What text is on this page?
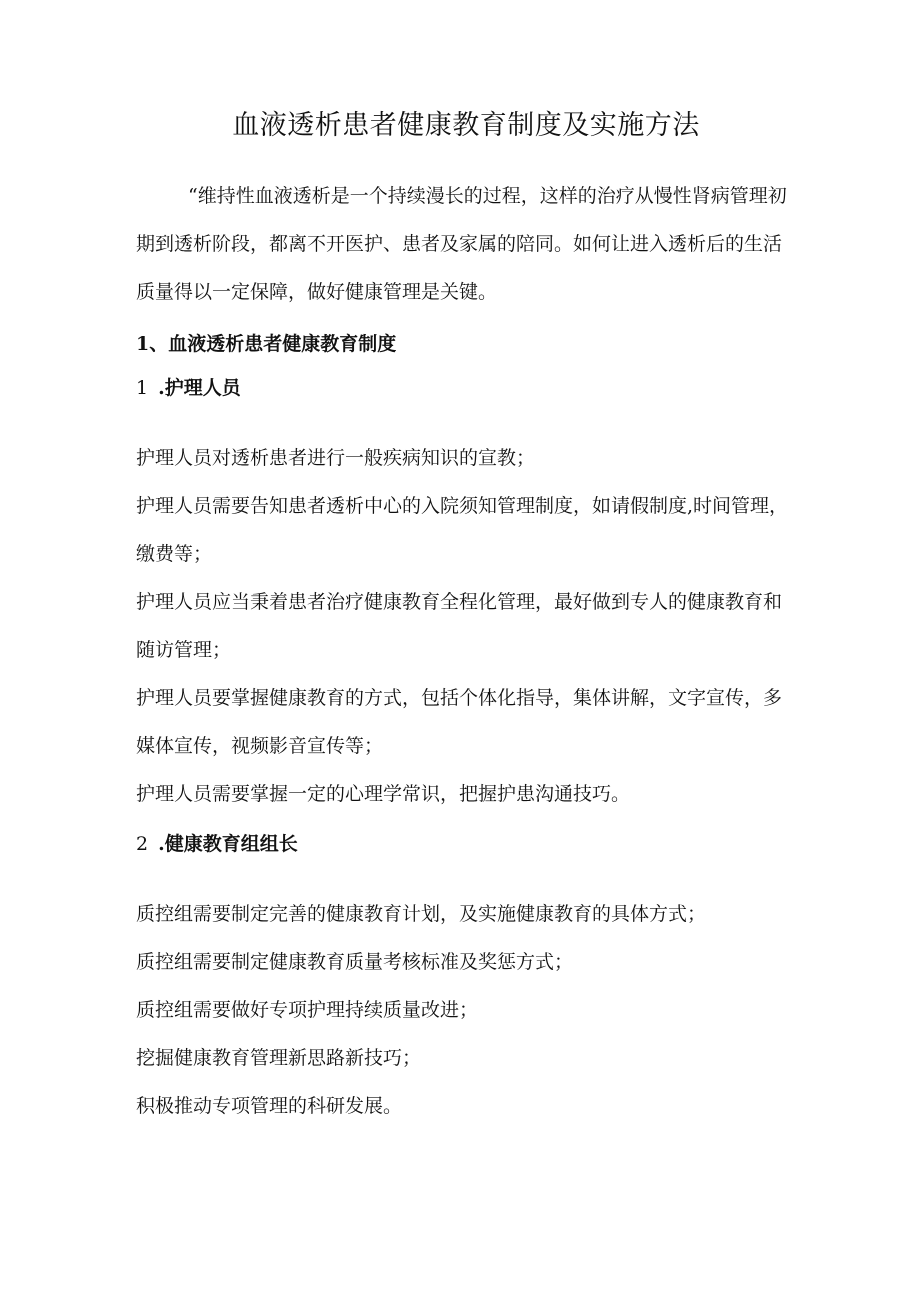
血液透析患者健康教育制度及实施方法

“维持性血液透析是一个持续漫长的过程，这样的治疗从慢性肾病管理初期到透析阶段，都离不开医护、患者及家属的陪同。如何让进入透析后的生活质量得以一定保障，做好健康管理是关键。

1、血液透析患者健康教育制度
1 .护理人员

护理人员对透析患者进行一般疾病知识的宣教；

护理人员需要告知患者透析中心的入院须知管理制度，如请假制度,时间管理，缴费等；

护理人员应当秉着患者治疗健康教育全程化管理，最好做到专人的健康教育和随访管理；

护理人员要掌握健康教育的方式，包括个体化指导，集体讲解，文字宣传，多媒体宣传，视频影音宣传等；

护理人员需要掌握一定的心理学常识，把握护患沟通技巧。

2 .健康教育组组长

质控组需要制定完善的健康教育计划，及实施健康教育的具体方式；

质控组需要制定健康教育质量考核标准及奖惩方式；

质控组需要做好专项护理持续质量改进；

挖掘健康教育管理新思路新技巧；

积极推动专项管理的科研发展。
